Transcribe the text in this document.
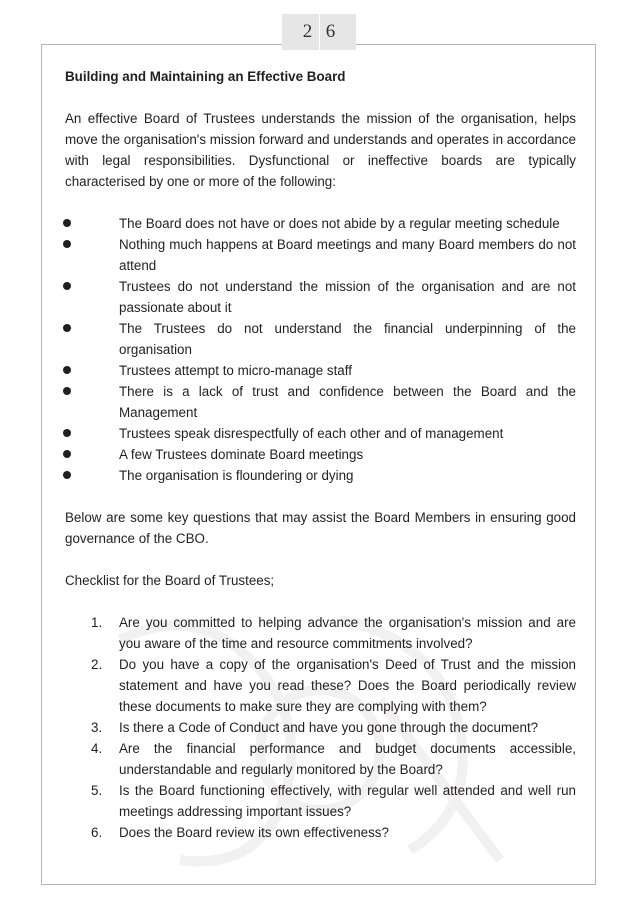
2 6

Building and Maintaining an Effective Board

An effective Board of Trustees understands the mission of the organisation, helps move the organisation's mission forward and understands and operates in accordance with legal responsibilities. Dysfunctional or ineffective boards are typically characterised by one or more of the following:

The Board does not have or does not abide by a regular meeting schedule
Nothing much happens at Board meetings and many Board members do not attend
Trustees do not understand the mission of the organisation and are not passionate about it
The Trustees do not understand the financial underpinning of the organisation
Trustees attempt to micro-manage staff
There is a lack of trust and confidence between the Board and the Management
Trustees speak disrespectfully of each other and of management
A few Trustees dominate Board meetings
The organisation is floundering or dying

Below are some key questions that may assist the Board Members in ensuring good governance of the CBO.

Checklist for the Board of Trustees;

1. Are you committed to helping advance the organisation's mission and are you aware of the time and resource commitments involved?
2. Do you have a copy of the organisation's Deed of Trust and the mission statement and have you read these? Does the Board periodically review these documents to make sure they are complying with them?
3. Is there a Code of Conduct and have you gone through the document?
4. Are the financial performance and budget documents accessible, understandable and regularly monitored by the Board?
5. Is the Board functioning effectively, with regular well attended and well run meetings addressing important issues?
6. Does the Board review its own effectiveness?
